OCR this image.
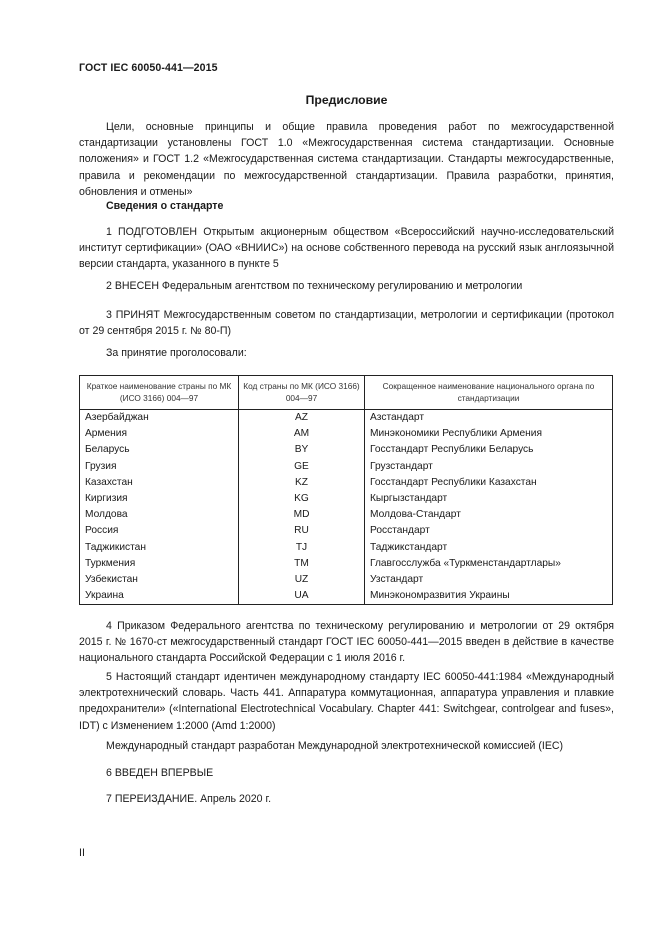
ГОСТ IEC 60050-441—2015
Предисловие

Цели, основные принципы и общие правила проведения работ по межгосударственной стандартизации установлены ГОСТ 1.0 «Межгосударственная система стандартизации. Основные положения» и ГОСТ 1.2 «Межгосударственная система стандартизации. Стандарты межгосударственные, правила и рекомендации по межгосударственной стандартизации. Правила разработки, принятия, обновления и отмены»

Сведения о стандарте

1 ПОДГОТОВЛЕН Открытым акционерным обществом «Всероссийский научно-исследовательский институт сертификации» (ОАО «ВНИИС») на основе собственного перевода на русский язык англоязычной версии стандарта, указанного в пункте 5

2 ВНЕСЕН Федеральным агентством по техническому регулированию и метрологии

3 ПРИНЯТ Межгосударственным советом по стандартизации, метрологии и сертификации (протокол от 29 сентября 2015 г. № 80-П)

За принятие проголосовали:
Краткое наименование страны по МК (ИСО 3166) 004—97	Код страны по МК (ИСО 3166) 004—97	Сокращенное наименование национального органа по стандартизации
Азербайджан	AZ	Азстандарт
Армения	AM	Минэкономики Республики Армения
Беларусь	BY	Госстандарт Республики Беларусь
Грузия	GE	Грузстандарт
Казахстан	KZ	Госстандарт Республики Казахстан
Киргизия	KG	Кыргызстандарт
Молдова	MD	Молдова-Стандарт
Россия	RU	Росстандарт
Таджикистан	TJ	Таджикстандарт
Туркмения	TM	Главгосслужба «Туркменстандартлары»
Узбекистан	UZ	Узстандарт
Украина	UA	Минэкономразвития Украины

4 Приказом Федерального агентства по техническому регулированию и метрологии от 29 октября 2015 г. № 1670-ст межгосударственный стандарт ГОСТ IEC 60050-441—2015 введен в действие в качестве национального стандарта Российской Федерации с 1 июля 2016 г.

5 Настоящий стандарт идентичен международному стандарту IEC 60050-441:1984 «Международный электротехнический словарь. Часть 441. Аппаратура коммутационная, аппаратура управления и плавкие предохранители» («International Electrotechnical Vocabulary. Chapter 441: Switchgear, controlgear and fuses», IDT) с Изменением 1:2000 (Amd 1:2000)

Международный стандарт разработан Международной электротехнической комиссией (IEC)
6 ВВЕДЕН ВПЕРВЫЕ
7 ПЕРЕИЗДАНИЕ. Апрель 2020 г.
II
